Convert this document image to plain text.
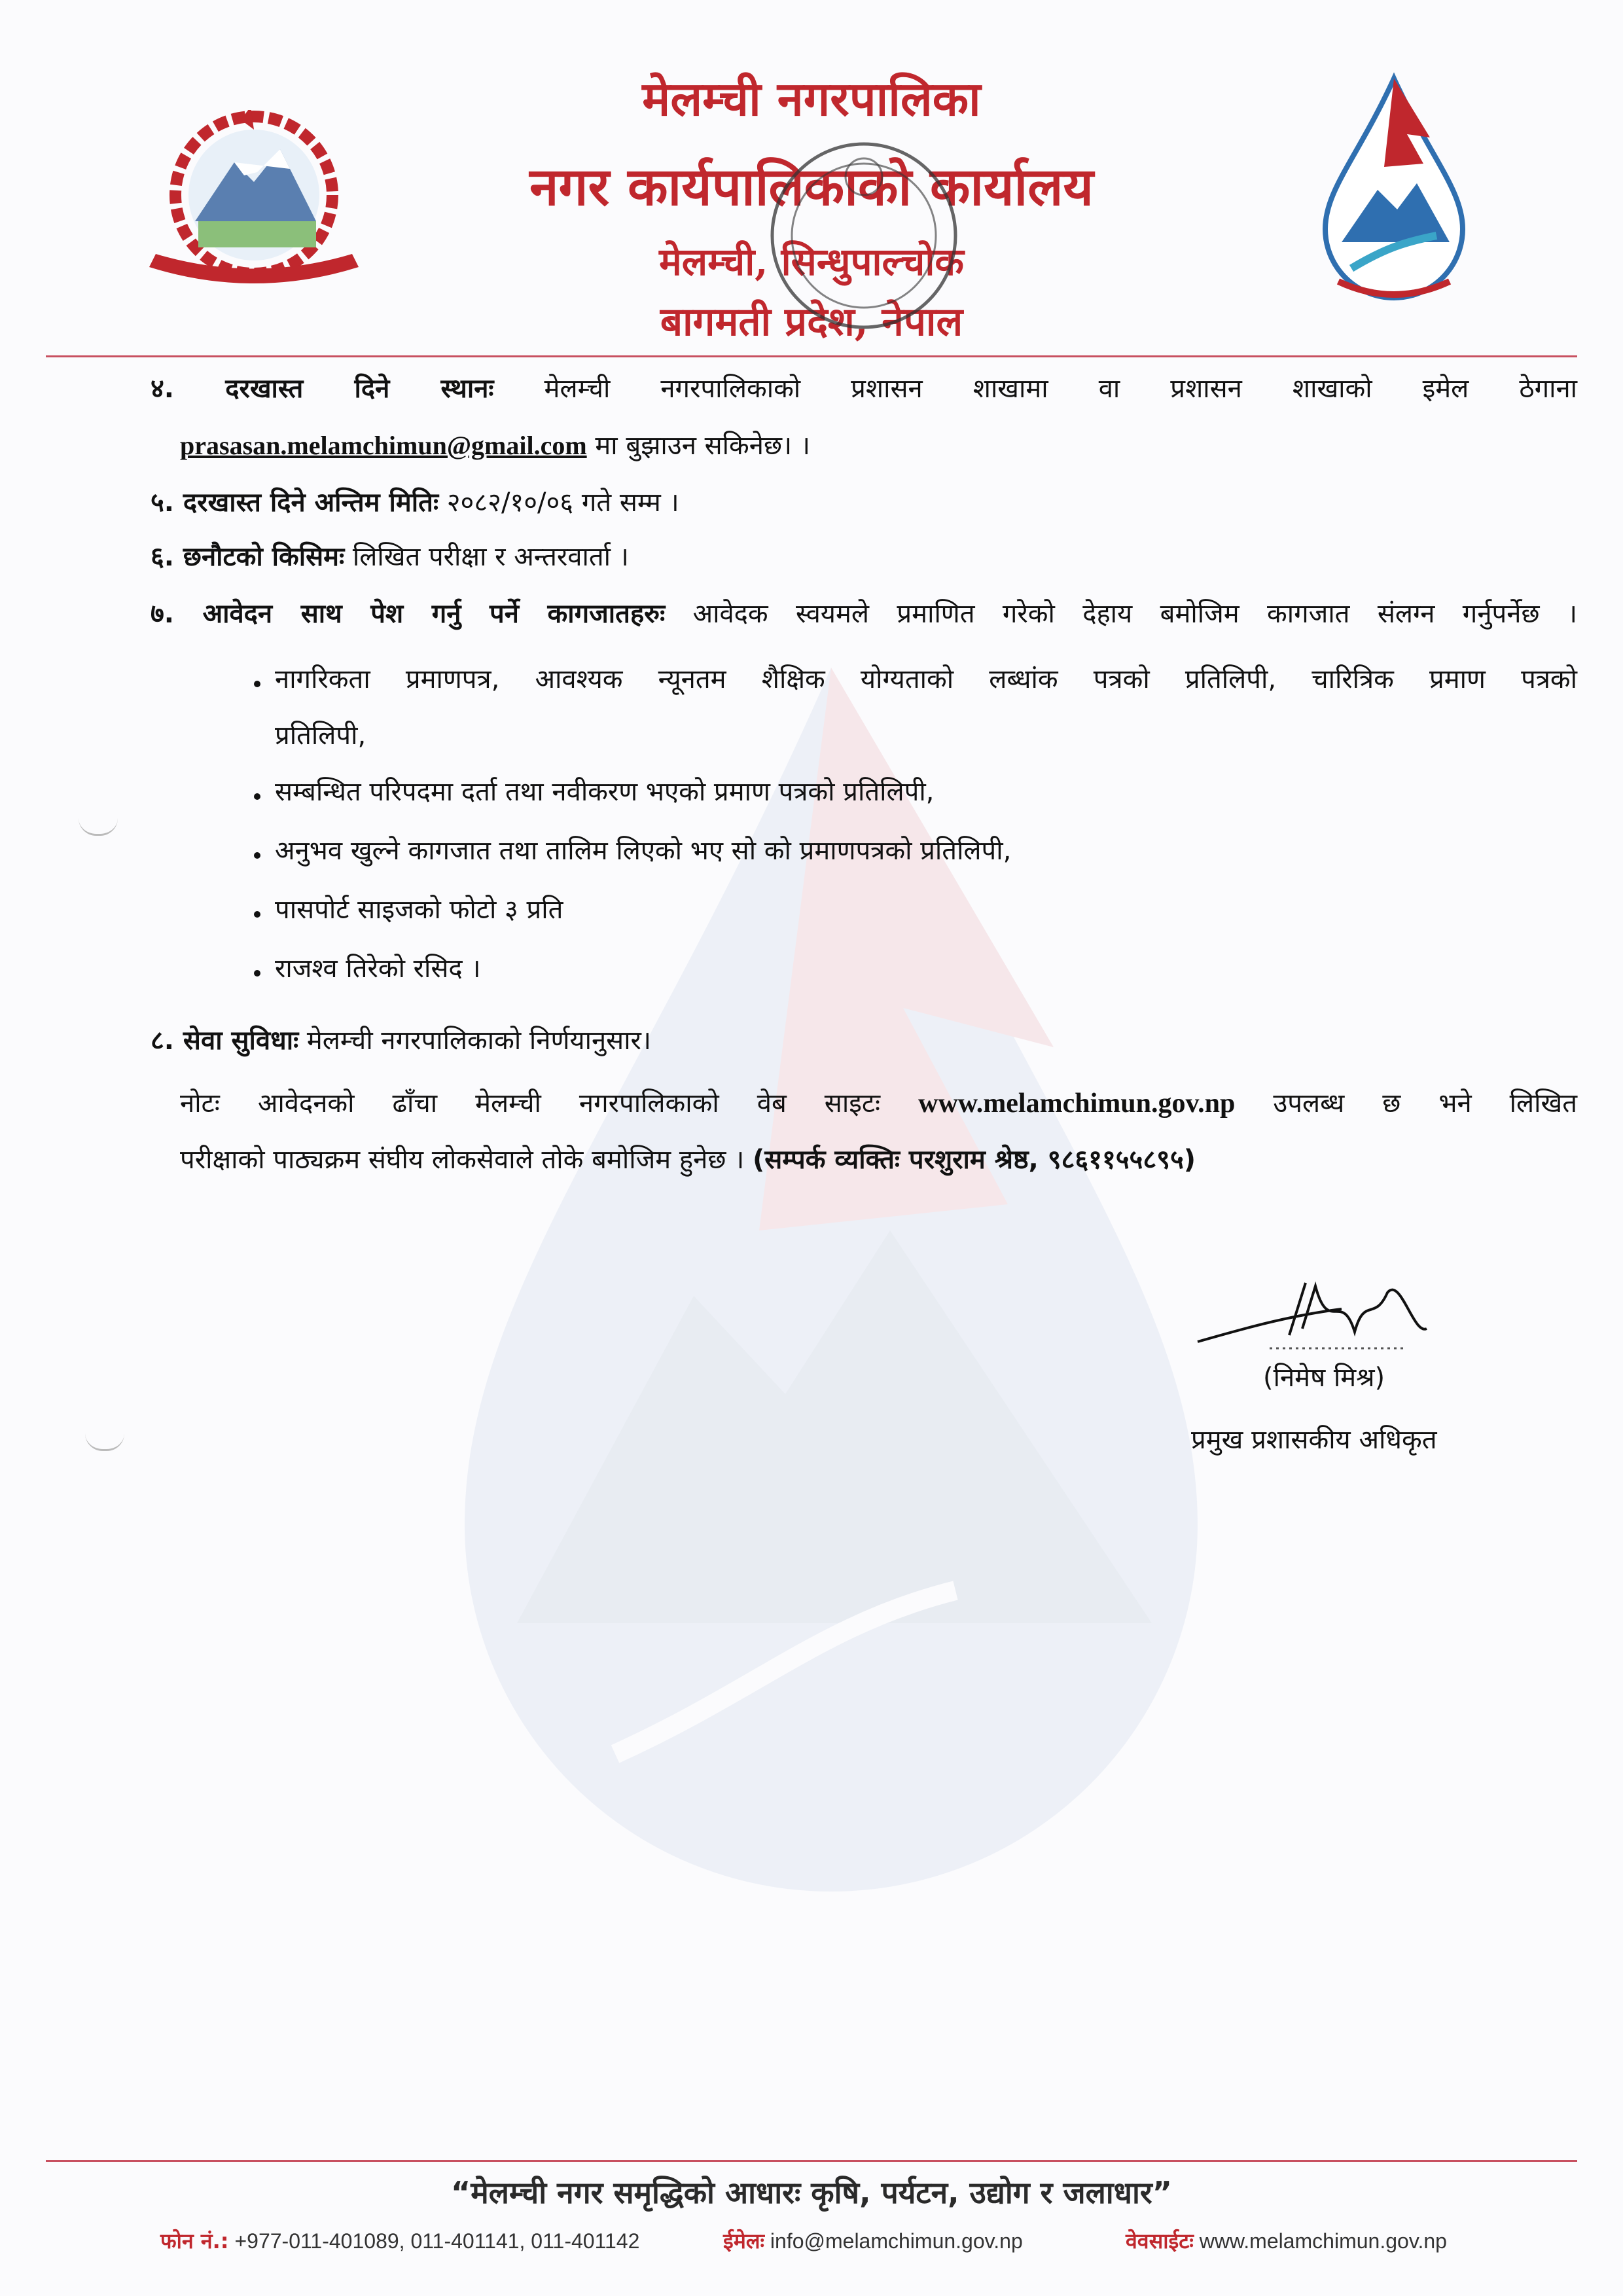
मेलम्ची नगरपालिका
नगर कार्यपालिकाको कार्यालय
मेलम्ची, सिन्धुपाल्चोक
बागमती प्रदेश, नेपाल
४. दरखास्त दिने स्थानः मेलम्ची नगरपालिकाको प्रशासन शाखामा वा प्रशासन शाखाको इमेल ठेगाना
prasasan.melamchimun@gmail.com मा बुझाउन सकिनेछ। ।
५. दरखास्त दिने अन्तिम मितिः २०८२/१०/०६ गते सम्म ।
६. छनौटको किसिमः लिखित परीक्षा र अन्तरवार्ता ।
७. आवेदन साथ पेश गर्नु पर्ने कागजातहरुः आवेदक स्वयमले प्रमाणित गरेको देहाय बमोजिम कागजात संलग्न गर्नुपर्नेछ ।
नागरिकता प्रमाणपत्र, आवश्यक न्यूनतम शैक्षिक योग्यताको लब्धांक पत्रको प्रतिलिपी, चारित्रिक प्रमाण पत्रको
प्रतिलिपी,
सम्बन्धित परिपदमा दर्ता तथा नवीकरण भएको प्रमाण पत्रको प्रतिलिपी,
अनुभव खुल्ने कागजात तथा तालिम लिएको भए सो को प्रमाणपत्रको प्रतिलिपी,
पासपोर्ट साइजको फोटो ३ प्रति
राजश्व तिरेको रसिद ।
८. सेवा सुविधाः मेलम्ची नगरपालिकाको निर्णयानुसार।
नोटः आवेदनको ढाँचा मेलम्ची नगरपालिकाको वेब साइटः www.melamchimun.gov.np उपलब्ध छ भने लिखित
परीक्षाको पाठ्यक्रम संघीय लोकसेवाले तोके बमोजिम हुनेछ । (सम्पर्क व्यक्तिः परशुराम श्रेष्ठ, ९८६११५५८९५)
(निमेष मिश्र)
प्रमुख प्रशासकीय अधिकृत
“मेलम्ची नगर समृद्धिको आधारः कृषि, पर्यटन, उद्योग र जलाधार”
फोन नं.: +977-011-401089, 011-401141, 011-401142	ईमेलः info@melamchimun.gov.np	वेवसाईटः www.melamchimun.gov.np
